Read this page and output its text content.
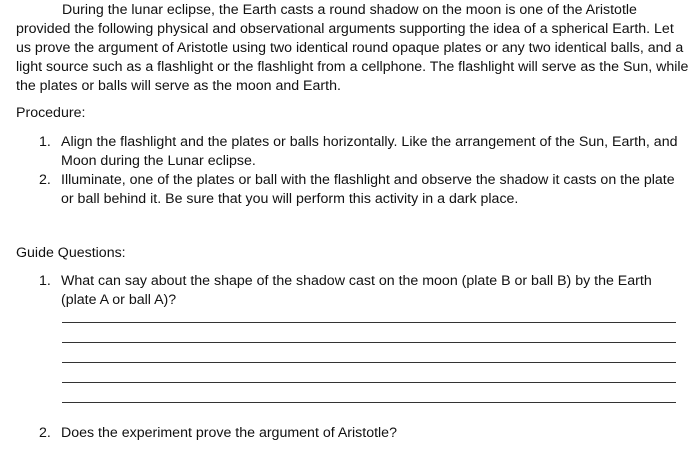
During the lunar eclipse, the Earth casts a round shadow on the moon is one of the Aristotle provided the following physical and observational arguments supporting the idea of a spherical Earth. Let us prove the argument of Aristotle using two identical round opaque plates or any two identical balls, and a light source such as a flashlight or the flashlight from a cellphone. The flashlight will serve as the Sun, while the plates or balls will serve as the moon and Earth.

Procedure:

1. Align the flashlight and the plates or balls horizontally. Like the arrangement of the Sun, Earth, and Moon during the Lunar eclipse.
2. Illuminate, one of the plates or ball with the flashlight and observe the shadow it casts on the plate or ball behind it. Be sure that you will perform this activity in a dark place.

Guide Questions:

1. What can say about the shape of the shadow cast on the moon (plate B or ball B) by the Earth (plate A or ball A)?
2. Does the experiment prove the argument of Aristotle?
